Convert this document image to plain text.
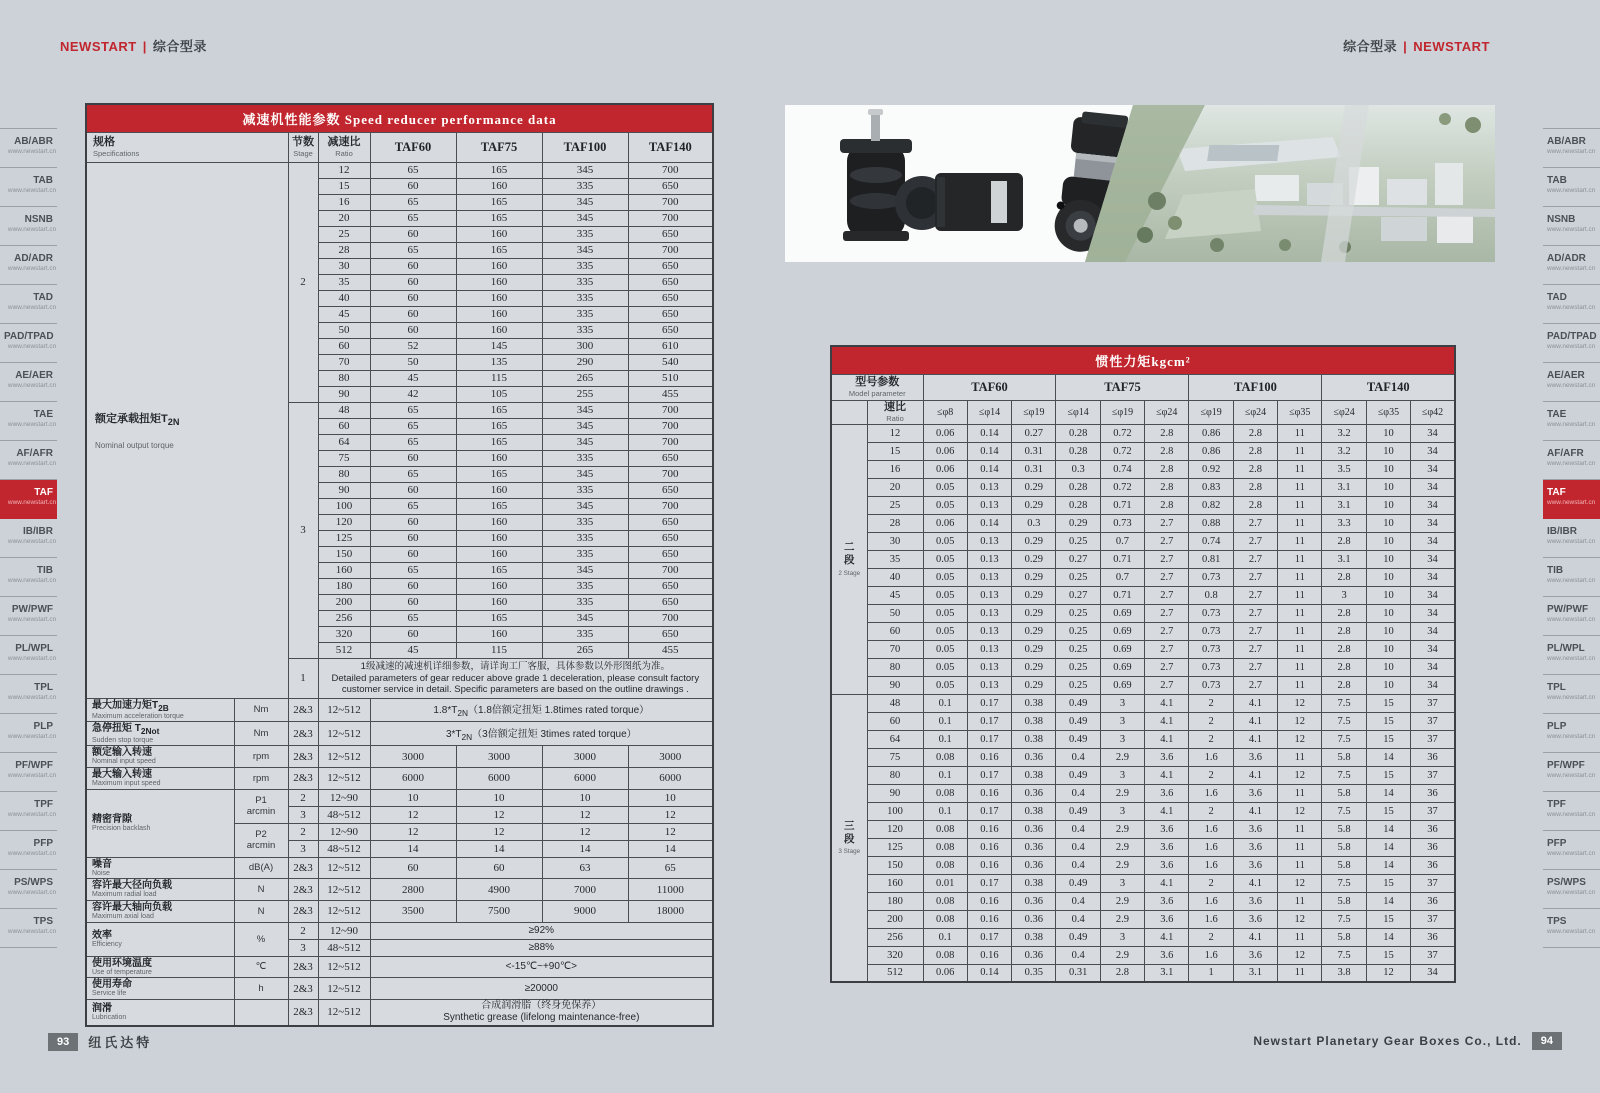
NEWSTART | 综合型录	综合型录 | NEWSTART
AB/ABR
www.newstart.cn
TAB
www.newstart.cn
NSNB
www.newstart.cn
AD/ADR
www.newstart.cn
TAD
www.newstart.cn
PAD/TPAD
www.newstart.cn
AE/AER
www.newstart.cn
TAE
www.newstart.cn
AF/AFR
www.newstart.cn
TAF
www.newstart.cn
IB/IBR
www.newstart.cn
TIB
www.newstart.cn
PW/PWF
www.newstart.cn
PL/WPL
www.newstart.cn
TPL
www.newstart.cn
PLP
www.newstart.cn
PF/WPF
www.newstart.cn
TPF
www.newstart.cn
PFP
www.newstart.cn
PS/WPS
www.newstart.cn
TPS
www.newstart.cn
AB/ABR
www.newstart.cn
TAB
www.newstart.cn
NSNB
www.newstart.cn
AD/ADR
www.newstart.cn
TAD
www.newstart.cn
PAD/TPAD
www.newstart.cn
AE/AER
www.newstart.cn
TAE
www.newstart.cn
AF/AFR
www.newstart.cn
TAF
www.newstart.cn
IB/IBR
www.newstart.cn
TIB
www.newstart.cn
PW/PWF
www.newstart.cn
PL/WPL
www.newstart.cn
TPL
www.newstart.cn
PLP
www.newstart.cn
PF/WPF
www.newstart.cn
TPF
www.newstart.cn
PFP
www.newstart.cn
PS/WPS
www.newstart.cn
TPS
www.newstart.cn
减速机性能参数 Speed reducer performance data							

规格
Specifications

节数
Stage

减速比
Ratio	TAF60	TAF75	TAF100	TAF140

额定承载扭矩$T_{2N}$
Nominal output torque		2	12	65	165	345	700
			15	60	160	335	650
			16	65	165	345	700
			20	65	165	345	700
			25	60	160	335	650
			28	65	165	345	700
			30	60	160	335	650
			35	60	160	335	650
			40	60	160	335	650
			45	60	160	335	650
			50	60	160	335	650
			60	52	145	300	610
			70	50	135	290	540
			80	45	115	265	510
			90	42	105	255	455
		3	48	65	165	345	700
			60	65	165	345	700
			64	65	165	345	700
			75	60	160	335	650
			80	65	165	345	700
			90	60	160	335	650
			100	65	165	345	700
			120	60	160	335	650
			125	60	160	335	650
			150	60	160	335	650
			160	65	165	345	700
			180	60	160	335	650
			200	60	160	335	650
			256	65	165	345	700
			320	60	160	335	650
			512	45	115	265	455
		1	1级减速的减速机详细参数，请详询工厂客服，具体参数以外形图纸为准。
Detailed parameters of gear reducer above grade 1 deceleration, please consult factory
customer service in detail. Specific parameters are based on the outline drawings .				

最大加速力矩$T_{2B}$
Maximum acceleration torque	Nm	2&3	12~512	$1.8*T_{2N}(1.8$倍额定扭矩 1.8times rated torque）			

急停扭矩 $T_{2Not}$
Sudden stop torque	Nm	2&3	12~512	$3*T_{2N}(3$倍额定扭矩 3times rated torque）			

额定输入转速
Nominal input speed	rpm	2&3	12~512	3000	3000	3000	3000

最大输入转速
Maximum input speed	rpm	2&3	12~512	6000	6000	6000	6000

精密背隙
Precision backlash

P1
arcmin
	2	12~90	10	10	10	10
		3	48~512	12	12	12	12

	P2
arcmin	2	12~90	12	12	12	12
		3	48~512	14	14	14	14

噪音
Noise	dB(A)	2&3	12~512	60	60	63	65

容许最大径向负载
Maximum radial load	N	2&3	12~512	2800	4900	7000	11000

容许最大轴向负载
Maximum axial load	N	2&3	12~512	3500	7500	9000	18000

效率
Efficiency	%	2	12~90	≥92%			
		3	48~512	≥88%			

使用环境温度
Use of temperature	℃	2&3	12~512	<-15℃~+90℃>			

使用寿命
Service life	h	2&3	12~512	≥20000			

润滑
Lubrication		2&3	12~512	
合成润滑脂（终身免保养）
Synthetic grease (lifelong maintenance-free)
惯性力矩kgcm²													

型号参数
Model parameter		TAF60			TAF75			TAF100			TAF140		

	速比
Ratio	≤φ8	≤φ14	≤φ19	≤φ14	≤φ19	≤φ24	≤φ19	≤φ24	≤φ35	≤φ24	≤φ35	≤φ42

二
段
2 Stage	12	0.06	0.14	0.27	0.28	0.72	2.8	0.86	2.8	11	3.2	10	34
	15	0.06	0.14	0.31	0.28	0.72	2.8	0.86	2.8	11	3.2	10	34
	16	0.06	0.14	0.31	0.3	0.74	2.8	0.92	2.8	11	3.5	10	34
	20	0.05	0.13	0.29	0.28	0.72	2.8	0.83	2.8	11	3.1	10	34
	25	0.05	0.13	0.29	0.28	0.71	2.8	0.82	2.8	11	3.1	10	34
	28	0.06	0.14	0.3	0.29	0.73	2.7	0.88	2.7	11	3.3	10	34
	30	0.05	0.13	0.29	0.25	0.7	2.7	0.74	2.7	11	2.8	10	34
	35	0.05	0.13	0.29	0.27	0.71	2.7	0.81	2.7	11	3.1	10	34
	40	0.05	0.13	0.29	0.25	0.7	2.7	0.73	2.7	11	2.8	10	34
	45	0.05	0.13	0.29	0.27	0.71	2.7	0.8	2.7	11	3	10	34
	50	0.05	0.13	0.29	0.25	0.69	2.7	0.73	2.7	11	2.8	10	34
	60	0.05	0.13	0.29	0.25	0.69	2.7	0.73	2.7	11	2.8	10	34
	70	0.05	0.13	0.29	0.25	0.69	2.7	0.73	2.7	11	2.8	10	34
	80	0.05	0.13	0.29	0.25	0.69	2.7	0.73	2.7	11	2.8	10	34
	90	0.05	0.13	0.29	0.25	0.69	2.7	0.73	2.7	11	2.8	10	34

三
段
3 Stage	48	0.1	0.17	0.38	0.49	3	4.1	2	4.1	12	7.5	15	37
	60	0.1	0.17	0.38	0.49	3	4.1	2	4.1	12	7.5	15	37
	64	0.1	0.17	0.38	0.49	3	4.1	2	4.1	12	7.5	15	37
	75	0.08	0.16	0.36	0.4	2.9	3.6	1.6	3.6	11	5.8	14	36
	80	0.1	0.17	0.38	0.49	3	4.1	2	4.1	12	7.5	15	37
	90	0.08	0.16	0.36	0.4	2.9	3.6	1.6	3.6	11	5.8	14	36
	100	0.1	0.17	0.38	0.49	3	4.1	2	4.1	12	7.5	15	37
	120	0.08	0.16	0.36	0.4	2.9	3.6	1.6	3.6	11	5.8	14	36
	125	0.08	0.16	0.36	0.4	2.9	3.6	1.6	3.6	11	5.8	14	36
	150	0.08	0.16	0.36	0.4	2.9	3.6	1.6	3.6	11	5.8	14	36
	160	0.01	0.17	0.38	0.49	3	4.1	2	4.1	12	7.5	15	37
	180	0.08	0.16	0.36	0.4	2.9	3.6	1.6	3.6	11	5.8	14	36
	200	0.08	0.16	0.36	0.4	2.9	3.6	1.6	3.6	12	7.5	15	37
	256	0.1	0.17	0.38	0.49	3	4.1	2	4.1	11	5.8	14	36
	320	0.08	0.16	0.36	0.4	2.9	3.6	1.6	3.6	12	7.5	15	37
	512	0.06	0.14	0.35	0.31	2.8	3.1	1	3.1	11	3.8	12	34
93	纽氏达特	Newstart Planetary Gear Boxes Co., Ltd.	94
